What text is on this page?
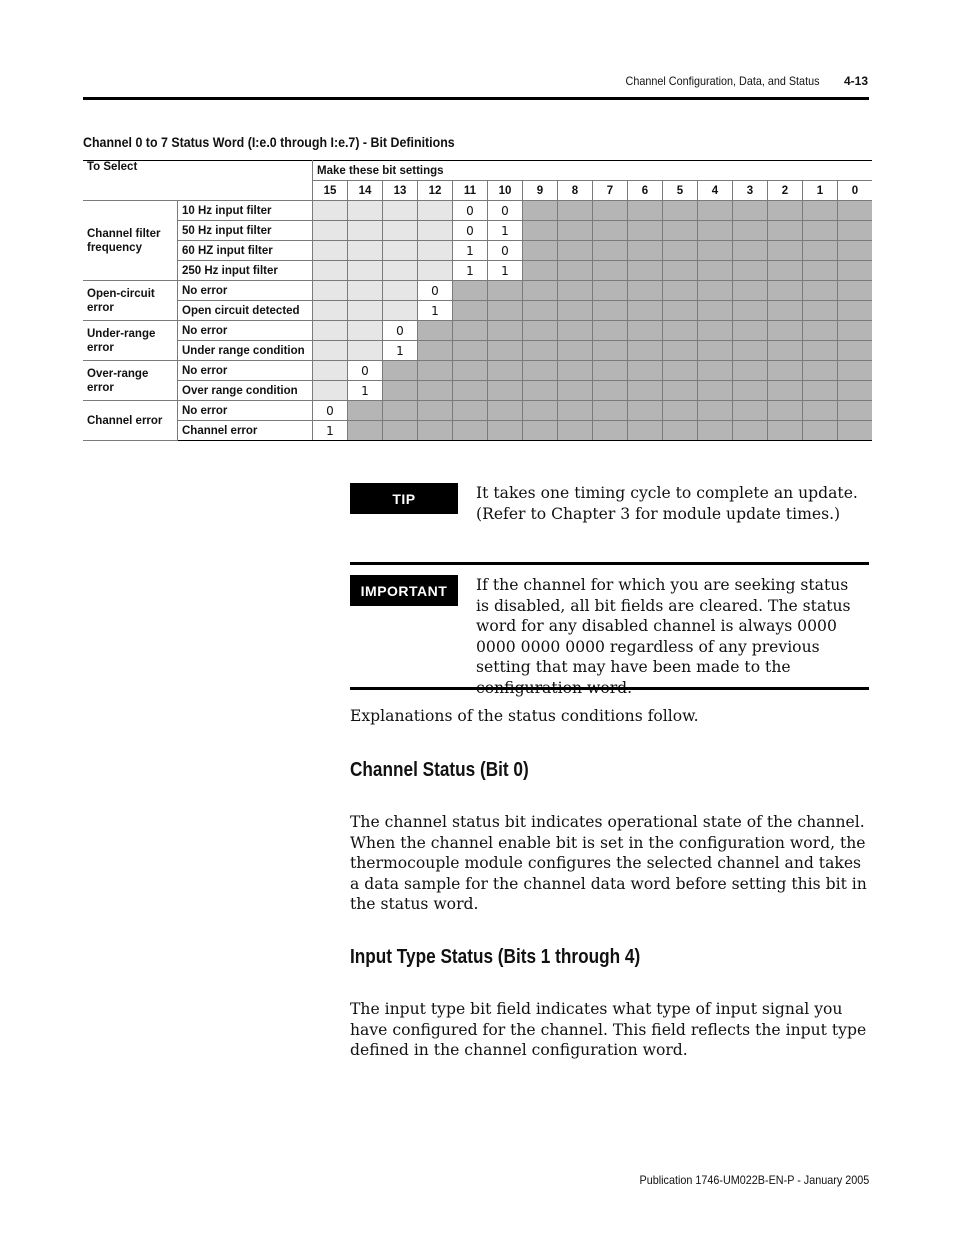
Channel Configuration, Data, and Status 4-13
Channel 0 to 7 Status Word (I:e.0 through I:e.7) - Bit Definitions
To Select		Make these bit settings															
		15	14	13	12	11	10	9	8	7	6	5	4	3	2	1	0
Channel filter frequency	10 Hz input filter					0	0										
	50 Hz input filter					0	1										
	60 HZ input filter					1	0										
	250 Hz input filter					1	1										
Open-circuit error	No error				0												
	Open circuit detected				1												
Under-range error	No error			0													
	Under range condition			1													
Over-range error	No error		0														
	Over range condition		1														
Channel error	No error	0															
	Channel error	1															
TIP	It takes one timing cycle to complete an update. (Refer to Chapter 3 for module update times.)
IMPORTANT	If the channel for which you are seeking status is disabled, all bit fields are cleared. The status word for any disabled channel is always 0000 0000 0000 0000 regardless of any previous setting that may have been made to the
Explanations of the status conditions follow.
Channel Status (Bit 0)
The channel status bit indicates operational state of the channel. When the channel enable bit is set in the configuration word, the thermocouple module configures the selected channel and takes a data sample for the channel data word before setting this bit in the status word.
Input Type Status (Bits 1 through 4)
The input type bit field indicates what type of input signal you have configured for the channel. This field reflects the input type defined in the channel configuration word.
Publication 1746-UM022B-EN-P - January 2005
